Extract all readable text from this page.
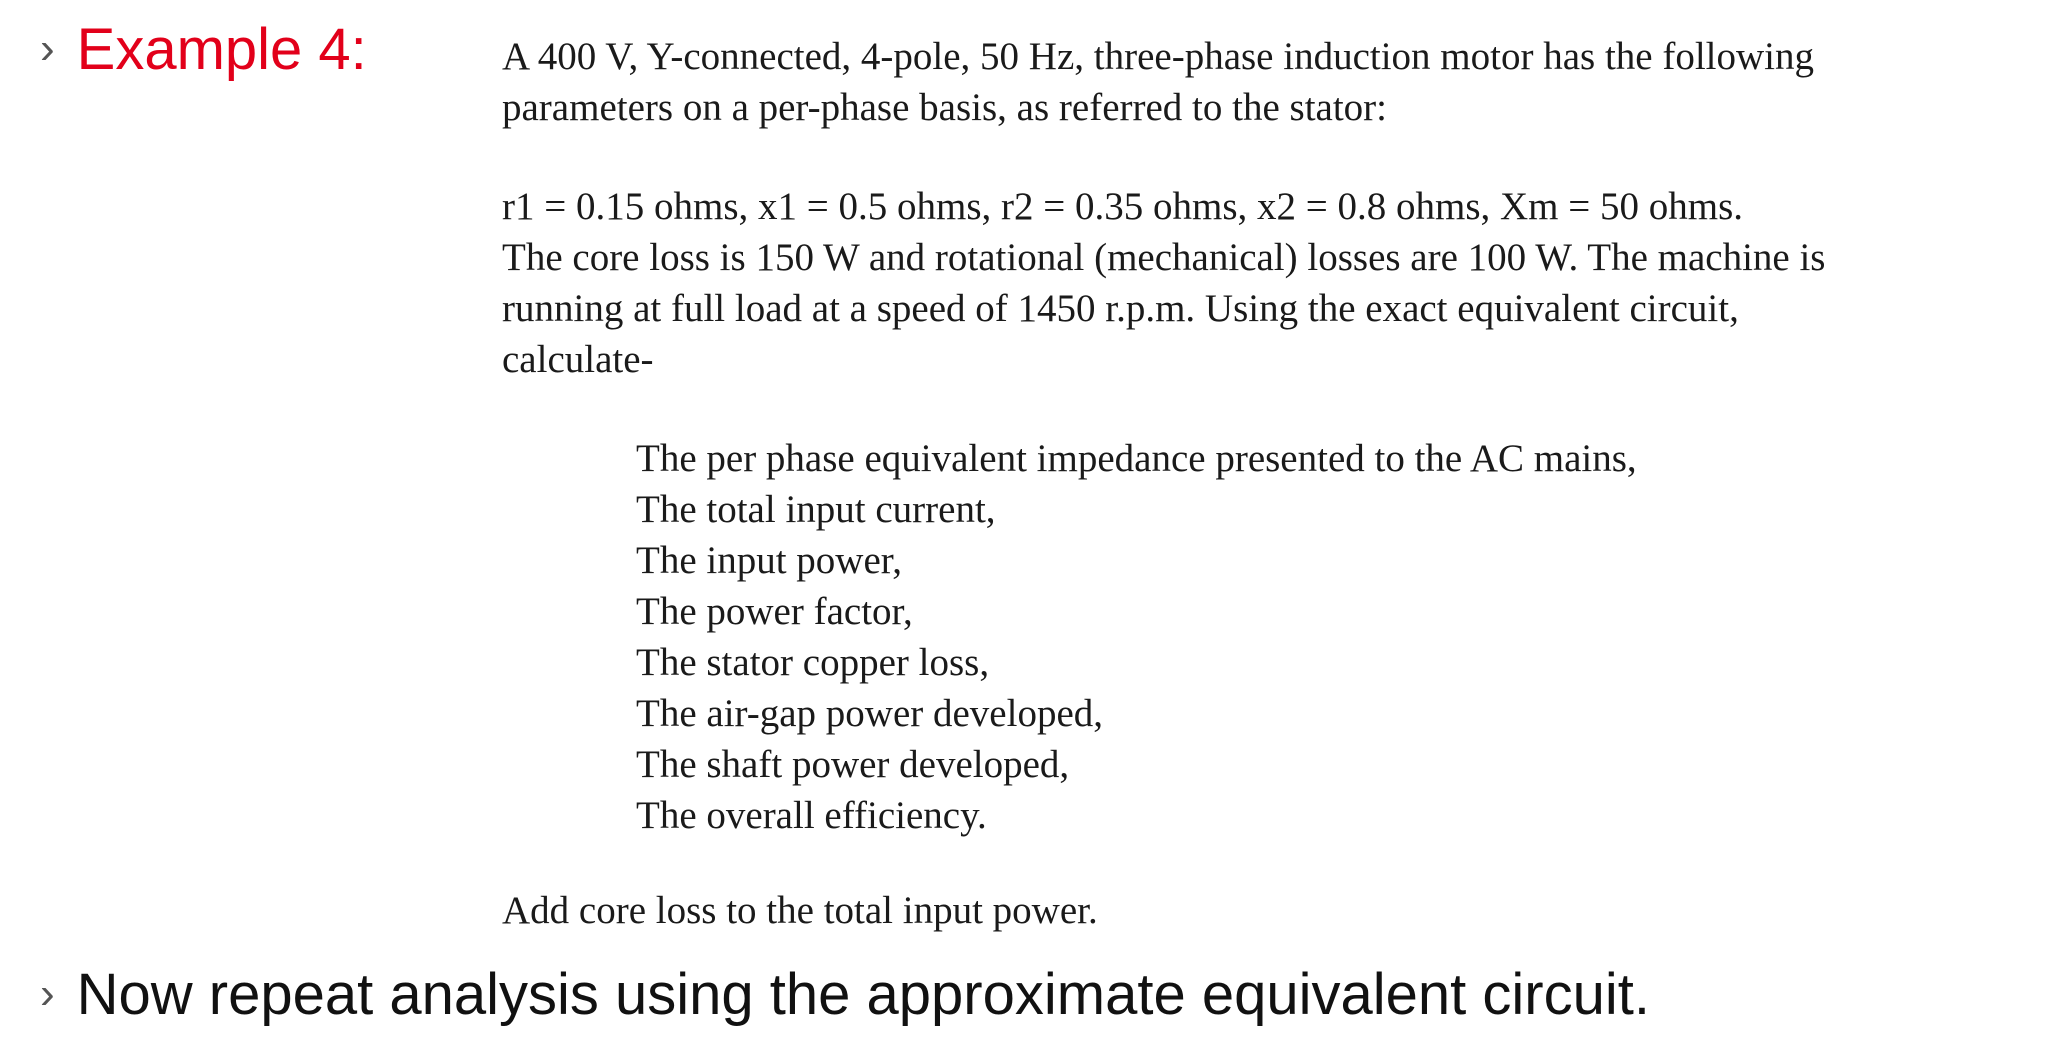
› Example 4:	A 400 V, Y-connected, 4-pole, 50 Hz, three-phase induction motor has the following
parameters on a per-phase basis, as referred to the stator:
r1 = 0.15 ohms, x1 = 0.5 ohms, r2 = 0.35 ohms, x2 = 0.8 ohms, Xm = 50 ohms.
The core loss is 150 W and rotational (mechanical) losses are 100 W. The machine is
running at full load at a speed of 1450 r.p.m. Using the exact equivalent circuit,
calculate-
The per phase equivalent impedance presented to the AC mains,
The total input current,
The input power,
The power factor,
The stator copper loss,
The air-gap power developed,
The shaft power developed,
The overall efficiency.
Add core loss to the total input power.
› Now repeat analysis using the approximate equivalent circuit.
